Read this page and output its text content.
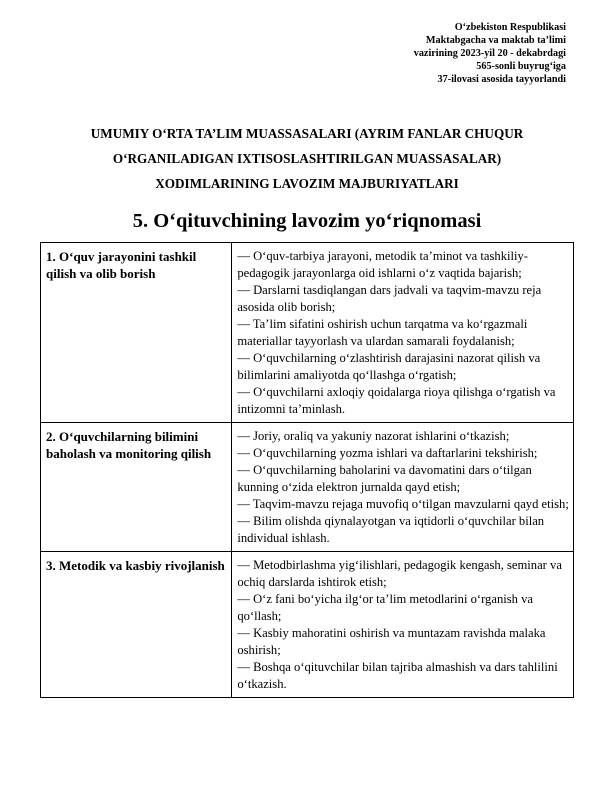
O‘zbekiston Respublikasi
Maktabgacha va maktab ta’limi
vazirining 2023-yil 20 - dekabrdagi
565-sonli buyrug‘iga
37-ilovasi asosida tayyorlandi
UMUMIY O‘RTA TA’LIM MUASSASALARI (AYRIM FANLAR CHUQUR
O‘RGANILADIGAN IXTISOSLASHTIRILGAN MUASSASALAR)
XODIMLARINING LAVOZIM MAJBURIYATLARI
5. O‘qituvchining lavozim yo‘riqnomasi
1. O‘quv jarayonini tashkil qilish va olib borish	— O‘quv-tarbiya jarayoni, metodik ta’minot va tashkiliy-pedagogik jarayonlarga oid ishlarni o‘z vaqtida bajarish;
— Darslarni tasdiqlangan dars jadvali va taqvim-mavzu reja asosida olib borish;
— Ta’lim sifatini oshirish uchun tarqatma va ko‘rgazmali materiallar tayyorlash va ulardan samarali foydalanish;
— O‘quvchilarning o‘zlashtirish darajasini nazorat qilish va bilimlarini amaliyotda qo‘llashga o‘rgatish;
— O‘quvchilarni axloqiy qoidalarga rioya qilishga o‘rgatish va intizomni ta’minlash.

2. O‘quvchilarning bilimini baholash va monitoring qilish	— Joriy, oraliq va yakuniy nazorat ishlarini o‘tkazish;
— O‘quvchilarning yozma ishlari va daftarlarini tekshirish;
— O‘quvchilarning baholarini va davomatini dars o‘tilgan kunning o‘zida elektron jurnalda qayd etish;
— Taqvim-mavzu rejaga muvofiq o‘tilgan mavzularni qayd etish;
— Bilim olishda qiynalayotgan va iqtidorli o‘quvchilar bilan individual ishlash.

3. Metodik va kasbiy rivojlanish	— Metodbirlashma yig‘ilishlari, pedagogik kengash, seminar va ochiq darslarda ishtirok etish;
— O‘z fani bo‘yicha ilg‘or ta’lim metodlarini o‘rganish va qo‘llash;
— Kasbiy mahoratini oshirish va muntazam ravishda malaka oshirish;
— Boshqa o‘qituvchilar bilan tajriba almashish va dars tahlilini o‘tkazish.
